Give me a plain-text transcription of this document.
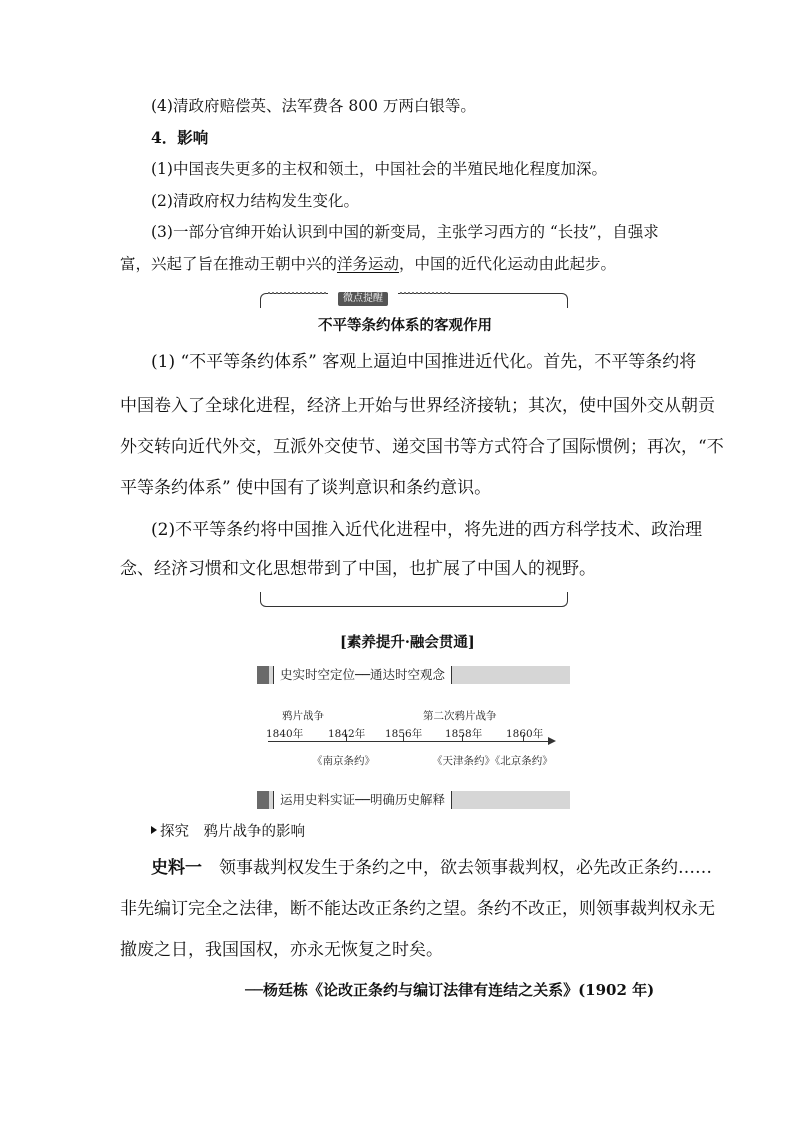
(4)清政府赔偿英、法军费各 800 万两白银等。
4．影响
(1)中国丧失更多的主权和领土，中国社会的半殖民地化程度加深。
(2)清政府权力结构发生变化。
(3)一部分官绅开始认识到中国的新变局，主张学习西方的 “长技”，自强求
富，兴起了旨在推动王朝中兴的洋务运动，中国的近代化运动由此起步。
微点提醒
不平等条约体系的客观作用
(1) “不平等条约体系” 客观上逼迫中国推进近代化。首先，不平等条约将
中国卷入了全球化进程，经济上开始与世界经济接轨；其次，使中国外交从朝贡
外交转向近代外交，互派外交使节、递交国书等方式符合了国际惯例；再次，“不
平等条约体系” 使中国有了谈判意识和条约意识。
(2)不平等条约将中国推入近代化进程中，将先进的西方科学技术、政治理
念、经济习惯和文化思想带到了中国，也扩展了中国人的视野。
[素养提升·融会贯通]
史实时空定位──通达时空观念
鸦片战争	第二次鸦片战争
1840年 1842年 1856年 1858年 1860年
《南京条约》	《天津条约》《北京条约》
运用史料实证──明确历史解释
探究　鸦片战争的影响
史料一　领事裁判权发生于条约之中，欲去领事裁判权，必先改正条约……
非先编订完全之法律，断不能达改正条约之望。条约不改正，则领事裁判权永无
撤废之日，我国国权，亦永无恢复之时矣。
──杨廷栋《论改正条约与编订法律有连结之关系》(1902 年)
